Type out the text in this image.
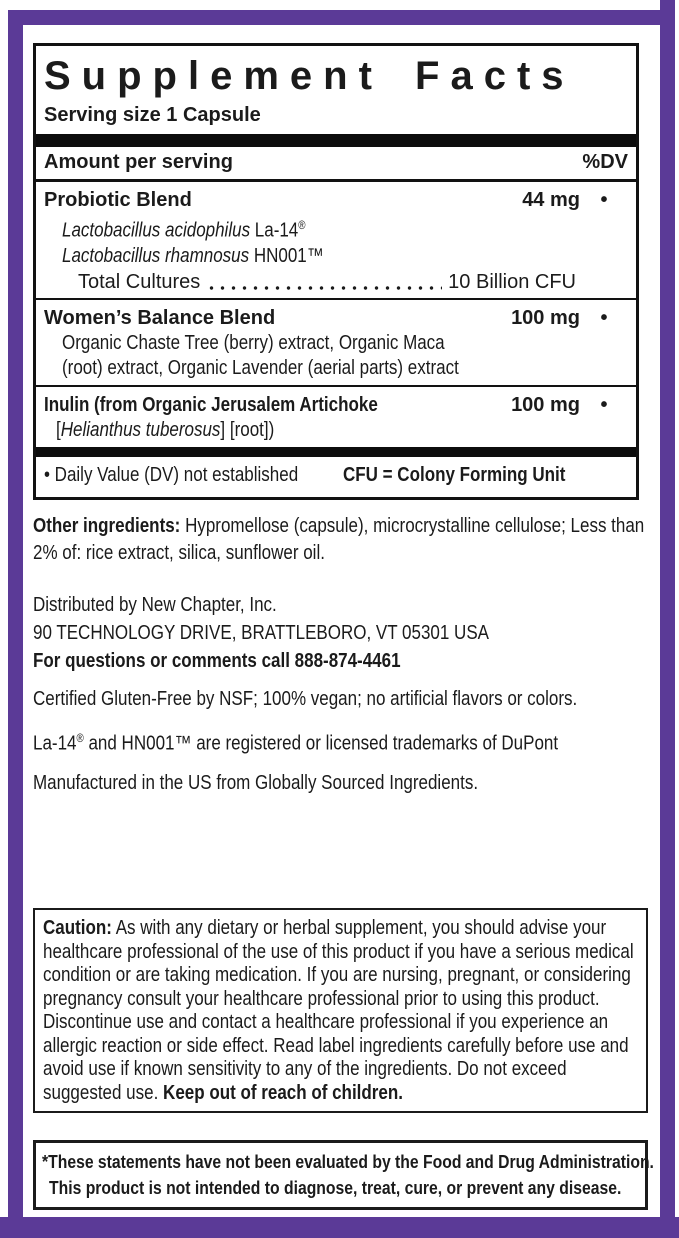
Supplement Facts
Serving size 1 Capsule
Amount per serving	%DV
Probiotic Blend	44 mg	•
Lactobacillus acidophilus La-14®
Lactobacillus rhamnosus HN001™
Total Cultures	10 Billion CFU
Women’s Balance Blend	100 mg	•
Organic Chaste Tree (berry) extract, Organic Maca
(root) extract, Organic Lavender (aerial parts) extract
Inulin (from Organic Jerusalem Artichoke	100 mg	•
[Helianthus tuberosus] [root])
• Daily Value (DV) not established CFU = Colony Forming Unit
Other ingredients: Hypromellose (capsule), microcrystalline cellulose; Less than 2% of: rice extract, silica, sunflower oil.
Distributed by New Chapter, Inc.
90 TECHNOLOGY DRIVE, BRATTLEBORO, VT 05301 USA
For questions or comments call 888-874-4461
Certified Gluten-Free by NSF; 100% vegan; no artificial flavors or colors.
La-14® and HN001™ are registered or licensed trademarks of DuPont
Manufactured in the US from Globally Sourced Ingredients.
Caution: As with any dietary or herbal supplement, you should advise your healthcare professional of the use of this product if you have a serious medical condition or are taking medication. If you are nursing, pregnant, or considering pregnancy consult your healthcare professional prior to using this product. Discontinue use and contact a healthcare professional if you experience an allergic reaction or side effect. Read label ingredients carefully before use and avoid use if known sensitivity to any of the ingredients. Do not exceed suggested use. Keep out of reach of children.
*These statements have not been evaluated by the Food and Drug Administration.
This product is not intended to diagnose, treat, cure, or prevent any disease.
